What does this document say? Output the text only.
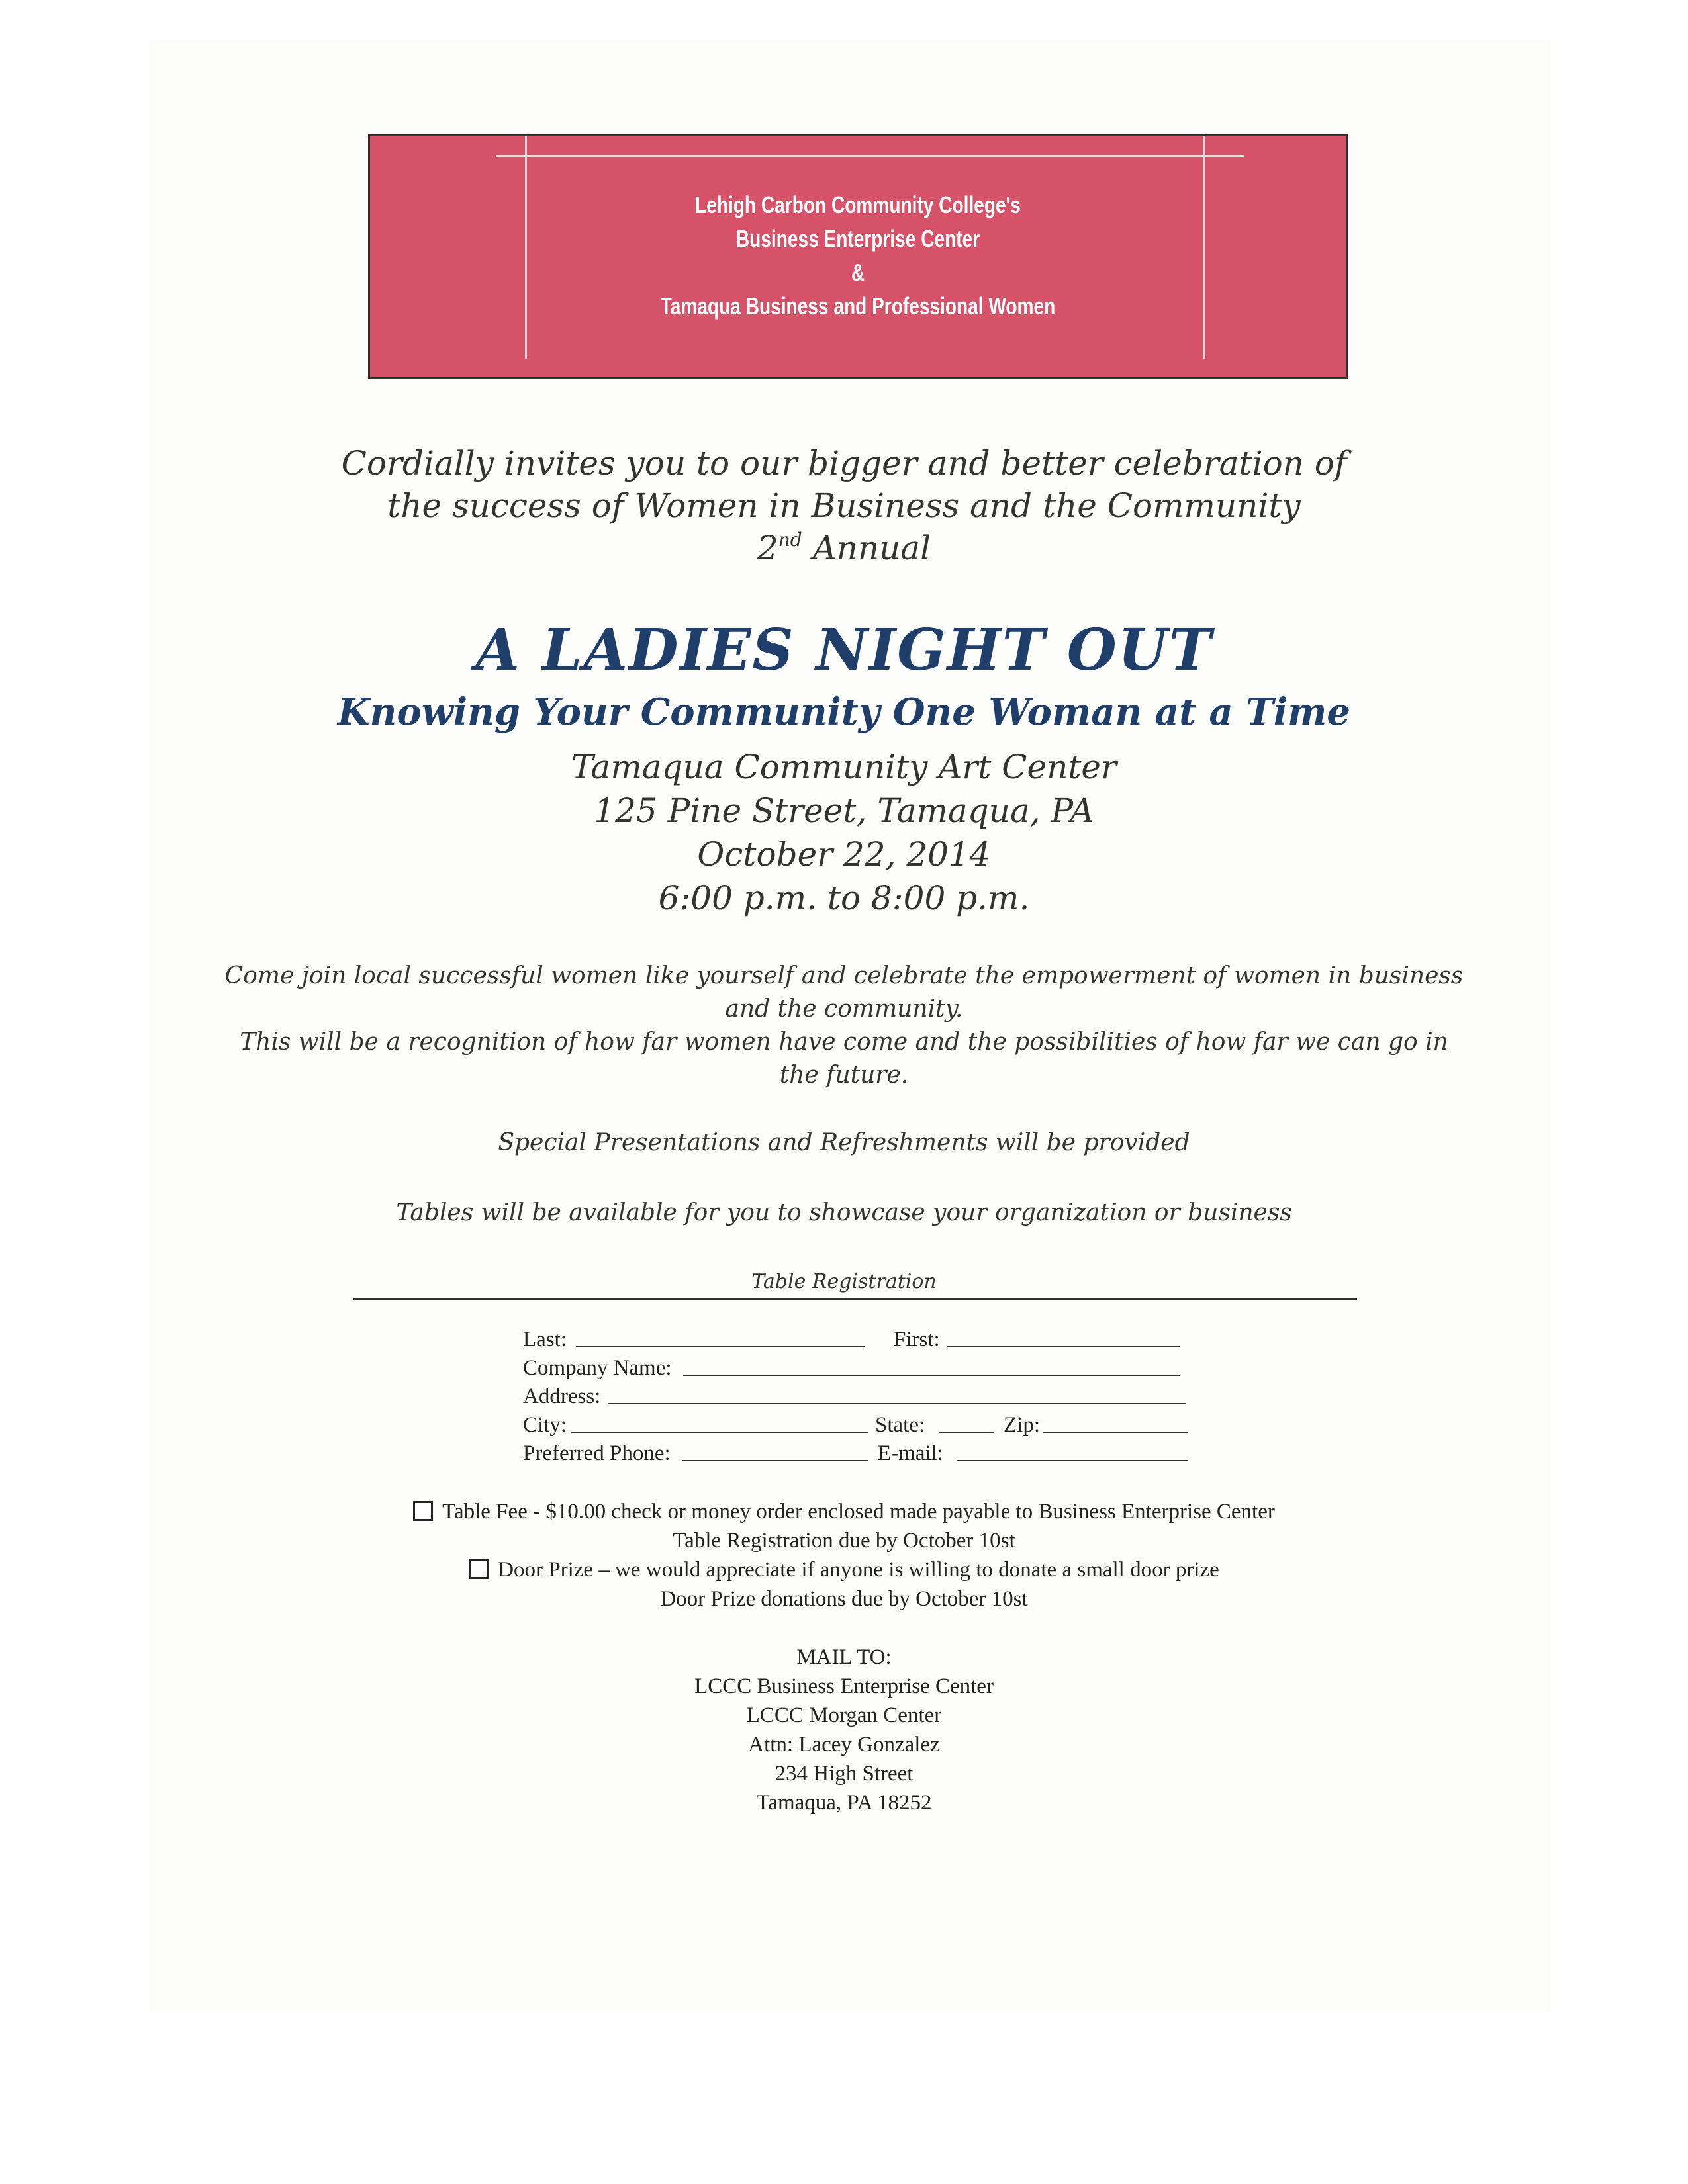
Lehigh Carbon Community College's
Business Enterprise Center
&
Tamaqua Business and Professional Women
Cordially invites you to our bigger and better celebration of
the success of Women in Business and the Community
2nd Annual
A LADIES NIGHT OUT
Knowing Your Community One Woman at a Time
Tamaqua Community Art Center
125 Pine Street, Tamaqua, PA
October 22, 2014
6:00 p.m. to 8:00 p.m.
Come join local successful women like yourself and celebrate the empowerment of women in business
and the community.
This will be a recognition of how far women have come and the possibilities of how far we can go in
the future.
Special Presentations and Refreshments will be provided
Tables will be available for you to showcase your organization or business
Table Registration
Last:	First:
Company Name:
Address:
City:	State:	Zip:
Preferred Phone:	E-mail:
Table Fee - $10.00 check or money order enclosed made payable to Business Enterprise Center
Table Registration due by October 10st
Door Prize – we would appreciate if anyone is willing to donate a small door prize
Door Prize donations due by October 10st
MAIL TO:
LCCC Business Enterprise Center
LCCC Morgan Center
Attn: Lacey Gonzalez
234 High Street
Tamaqua, PA 18252
